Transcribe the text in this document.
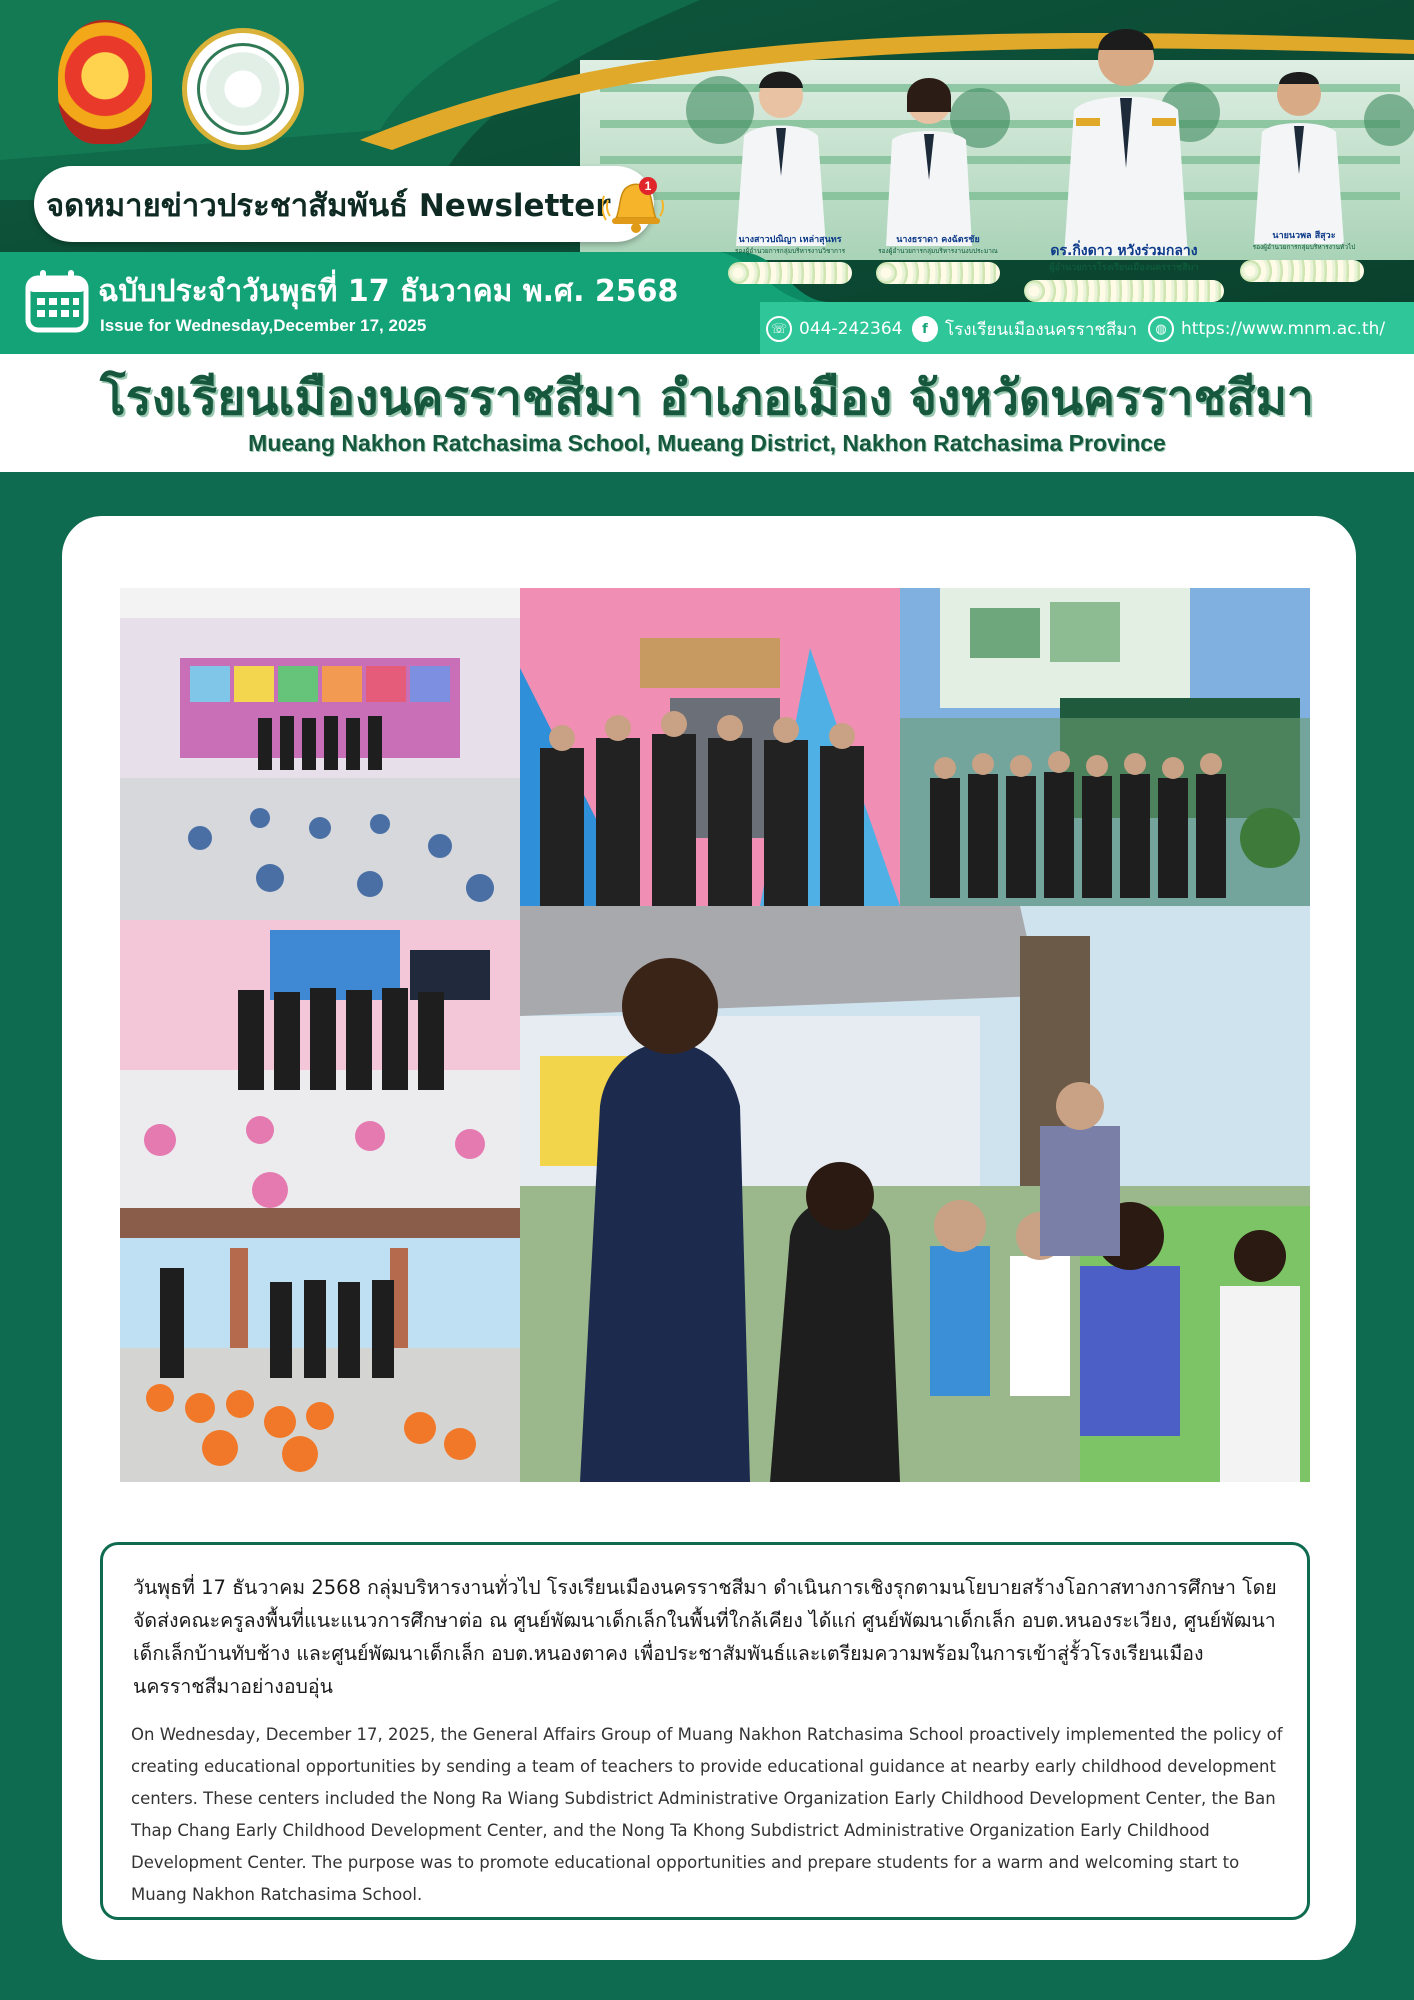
นางสาวปณิญา เหล่าสุนทร
รองผู้อำนวยการกลุ่มบริหารงานวิชาการ
นางธราดา คงฉัตรชัย
รองผู้อำนวยการกลุ่มบริหารงานงบประมาณ	ดร.กิ่งดาว หวังร่วมกลาง
ผู้อำนวยการโรงเรียนเมืองนครราชสีมา
นายนวพล สีสุวะ
รองผู้อำนวยการกลุ่มบริหารงานทั่วไป
จดหมายข่าวประชาสัมพันธ์ Newsletter
1
ฉบับประจำวันพุธที่ 17 ธันวาคม พ.ศ. 2568
Issue for Wednesday,December 17, 2025	☏ 044-242364	f	โรงเรียนเมืองนครราชสีมา	◍ https://www.mnm.ac.th/
โรงเรียนเมืองนครราชสีมา อำเภอเมือง จังหวัดนครราชสีมา
Mueang Nakhon Ratchasima School, Mueang District, Nakhon Ratchasima Province

วันพุธที่ 17 ธันวาคม 2568 กลุ่มบริหารงานทั่วไป โรงเรียนเมืองนครราชสีมา ดำเนินการเชิงรุกตามนโยบายสร้างโอกาสทางการศึกษา โดยจัดส่งคณะครูลงพื้นที่แนะแนวการศึกษาต่อ ณ ศูนย์พัฒนาเด็กเล็กในพื้นที่ใกล้เคียง ได้แก่ ศูนย์พัฒนาเด็กเล็ก อบต.หนองระเวียง, ศูนย์พัฒนาเด็กเล็กบ้านทับช้าง และศูนย์พัฒนาเด็กเล็ก อบต.หนองตาคง เพื่อประชาสัมพันธ์และเตรียมความพร้อมในการเข้าสู่รั้วโรงเรียนเมืองนครราชสีมาอย่างอบอุ่น

On Wednesday, December 17, 2025, the General Affairs Group of Muang Nakhon Ratchasima School proactively implemented the policy of creating educational opportunities by sending a team of teachers to provide educational guidance at nearby early childhood development centers. These centers included the Nong Ra Wiang Subdistrict Administrative Organization Early Childhood Development Center, the Ban Thap Chang Early Childhood Development Center, and the Nong Ta Khong Subdistrict Administrative Organization Early Childhood Development Center. The purpose was to promote educational opportunities and prepare students for a warm and welcoming start to Muang Nakhon Ratchasima School.
